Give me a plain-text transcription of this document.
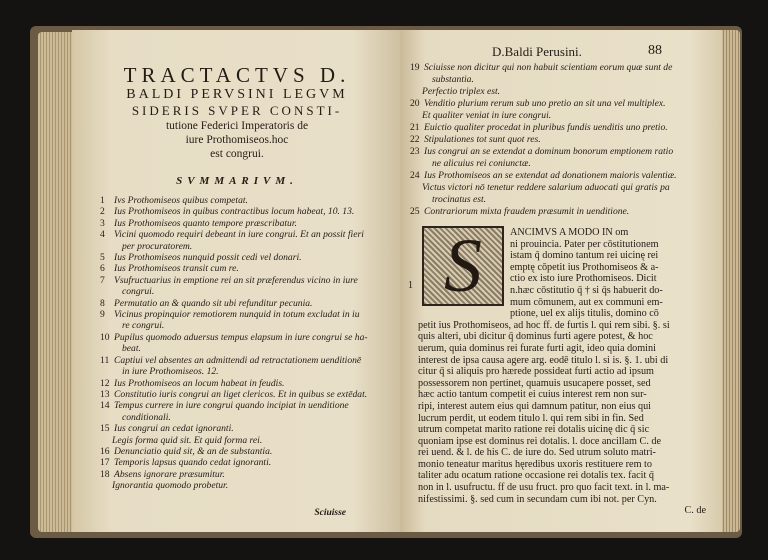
TRACTACTVS D.
BALDI PERVSINI LEGVM
SIDERIS SVPER CONSTI-
tutione Federici Imperatoris de
iure Prothomiseos.hoc
est congrui.
SVMMARIVM.
1 Ivs Prothomiseos quibus competat.
2 Ius Prothomiseos in quibus contractibus locum habeat, 10. 13.
3 Ius Prothomiseos quanto tempore præscribatur.
4 Vicini quomodo requiri debeant in iure congrui. Et an possit fieri
per procuratorem.
5 Ius Prothomiseos nunquid possit cedi vel donari.
6 Ius Prothomiseos transit cum re.
7 Vsufructuarius in emptione rei an sit præferendus vicino in iure
congrui.
8 Permutatio an & quando sit ubi refunditur pecunia.
9 Vicinus propinquior remotiorem nunquid in totum excludat in iu
re congrui.
10 Pupilus quomodo aduersus tempus elapsum in iure congrui se ha-
beat.
11 Captiui vel absentes an admittendi ad retractationem uenditionē
in iure Prothomiseos. 12.
12 Ius Prothomiseos an locum habeat in feudis.
13 Constitutio iuris congrui an liget clericos. Et in quibus se extēdat.
14 Tempus currere in iure congrui quando incipiat in uenditione
conditionali.
15 Ius congrui an cedat ignoranti.
Legis forma quid sit. Et quid forma rei.
16 Denunciatio quid sit, & an de substantia.
17 Temporis lapsus quando cedat ignoranti.
18 Absens ignorare præsumitur.
Ignorantia quomodo probetur.
Sciuisse
D.Baldi Perusini.	88
19 Sciuisse non dicitur qui non habuit scientiam eorum quæ sunt de
substantia.
Perfectio triplex est.
20 Venditio plurium rerum sub uno pretio an sit una vel multiplex.
Et qualiter veniat in iure congrui.
21 Euictio qualiter procedat in pluribus fundis uenditis uno pretio.
22 Stipulationes tot sunt quot res.
23 Ius congrui an se extendat a dominum bonorum emptionem ratio
ne alicuius rei coniunctæ.
24 Ius Prothomiseos an se extendat ad donationem maioris valentiæ.
Victus victori nō tenetur reddere salarium aduocati qui gratis pa
trocinatus est.
25 Contrariorum mixta fraudem præsumit in uenditione.
1
ANCIMVS A MODO IN om
ni prouincia. Pater per cōstitutionem
istam q̄ domino tantum rei uicinę rei
emptę cōpetit ius Prothomiseos & a-
ctio ex isto iure Prothomiseos. Dicit
n.hæc cōstitutio q̄ † si q̄s habuerit do-
mum cōmunem, aut ex communi em-
ptione, uel ex alijs titulis, domino cō
petit ius Prothomiseos, ad hoc ff. de furtis l. qui rem sibi. §. si
quis alteri, ubi dicitur q̄ dominus furti agere potest, & hoc
uerum, quia dominus rei furate furti agit, ideo quia domini
interest de ipsa causa agere arg. eodē titulo l. si is. §. 1. ubi di
citur q̄ si aliquis pro hærede possideat furti actio ad ipsum
possessorem non pertinet, quamuis usucapere posset, sed
hæc actio tantum competit ei cuius interest rem non sur-
ripi, interest autem eius qui damnum patitur, non eius qui
lucrum perdit, ut eodem titulo l. qui rem sibi in fin. Sed
utrum competat marito ratione rei dotalis uicinę dic q̄ sic
quoniam ipse est dominus rei dotalis. l. doce ancillam C. de
rei uend. & l. de his C. de iure do. Sed utrum soluto matri-
monio teneatur maritus hęredibus uxoris restituere rem to
taliter adu ocatum ratione occasione rei dotalis tex. facit q̄
non in l. usufructu. ff de usu fruct. pro quo facit text. in l. ma-
nifestissimi. §. sed cum in secundam cum ibi not. per Cyn.
C. de
S
